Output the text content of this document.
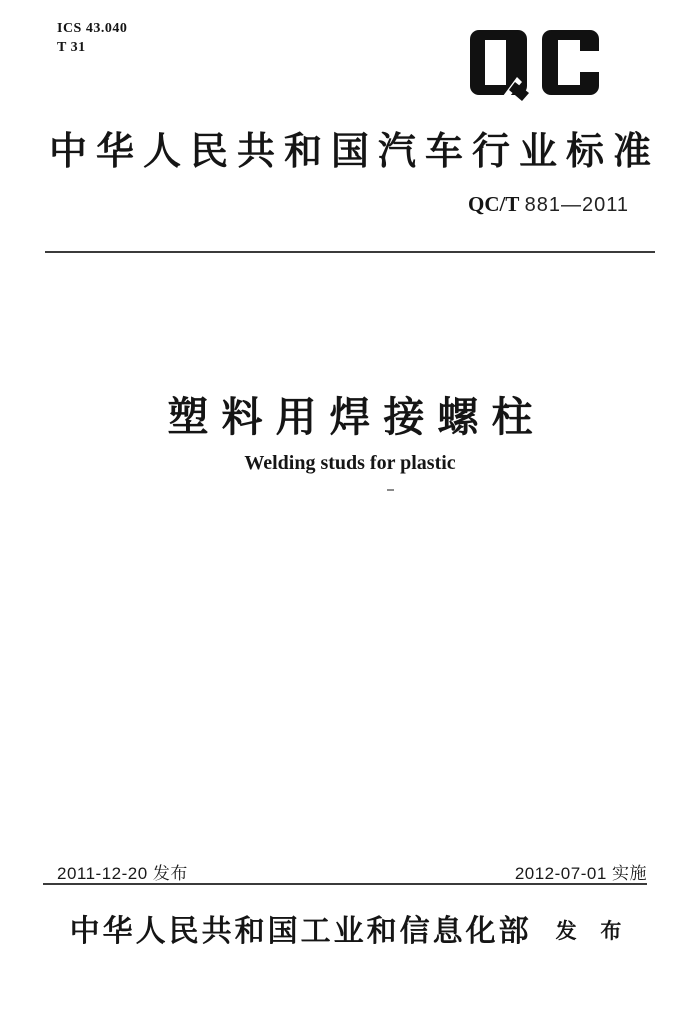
ICS 43.040
T 31
中华人民共和国汽车行业标准
QC/T 881—2011
塑料用焊接螺柱
Welding studs for plastic
2011-12-20 发布	2012-07-01 实施
中华人民共和国工业和信息化部 发 布
